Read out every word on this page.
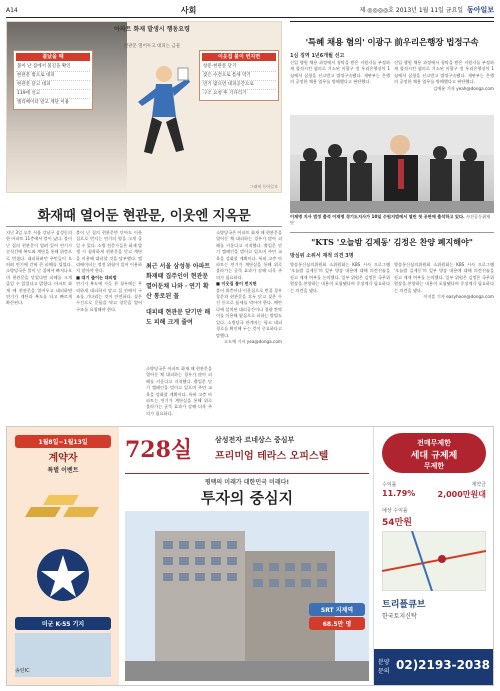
A14	사회	제 ◎◎◎◎호 2013년 1월 11일 금요일 동아일보
불났을 때
불이 난 집에서 불길을 확인
현관문 밖으로 대피
현관문 닫고 대피
119에 신고
엘리베이터 말고 계단 이용
아파트 화재 발생시 행동요령
현관문 열어두고 대피는 금물
이웃집 불이 번지면
창문·현관문 닫기
젖은 수건으로 틈새 막기
연기 많으면 대피공간으로
구조 요청 후 기다리기
그래픽 동아일보
화재때 열어둔 현관문, 이웃엔 지옥문
지난 3일 오후 서울 강남구 삼성동의 한 아파트 11층에서 불이 났다. 불이 난 집의 현관문이 열려 있어 연기가 순식간에 복도와 계단을 통해 위층으로 번졌다. 대피하려던 주민들이 오히려 연기에 갇혀 큰 피해를 입었다. 소방당국은 불이 난 집에서 빠져나오며 현관문을 닫았다면 피해를 크게 줄일 수 있었다고 밝혔다. 아파트 화재 때 현관문을 열어두고 대피하면 연기가 계단과 복도를 타고 빠르게 확산된다.
불이 난 집의 현관문만 닫아도 이웃집으로 번지는 연기의 양을 크게 줄일 수 있다. 소방 전문가들은 화재 발생 시 침착하게 현관문을 닫고 계단을 이용해 대피할 것을 당부했다. 엘리베이터는 정전 위험이 있어 이용하지 말아야 한다.
■ 대기 줄이는 대피법
연기가 복도에 가득 찬 경우에는 무리하게 대피하지 말고 집 안에서 구조를 기다리는 것이 안전하다. 젖은 수건으로 문틈을 막고 창문을 열어 구조를 요청해야 한다.
최근 서울 삼성동 아파트 화재때 집주인이 현관문 열어둔채 나와 · 연기 확산 통로된 꼴
대피때 현관문 닫기만 해도 피해 크게 줄여
소방당국은 아파트 화재 때 현관문을 열어둔 채 대피하는 경우가 많아 피해를 키운다고 지적했다. 출입문 닫기 캠페인을 벌이고 있으며 주민 교육을 강화할 계획이다. 특히 고층 아파트는 연기가 계단실을 통해 위로 올라가는 굴뚝 효과가 강해 더욱 주의가 필요하다.
소방당국은 아파트 화재 때 현관문을 열어둔 채 대피하는 경우가 많아 피해를 키운다고 지적했다. 출입문 닫기 캠페인을 벌이고 있으며 주민 교육을 강화할 계획이다. 특히 고층 아파트는 연기가 계단실을 통해 위로 올라가는 굴뚝 효과가 강해 더욱 주의가 필요하다.
■ 이웃집 불이 번지면
불이 위층이나 이웃집으로 번질 경우 창문과 현관문을 모두 닫고 젖은 수건 등으로 틈새를 막아야 한다. 베란다에 설치된 대피공간이나 경량 칸막이를 이용해 옆집으로 피하는 방법도 있다. 소방당국 관계자는 평소 대피 경로를 확인해 두는 것이 중요하다고 말했다.
고도예 기자 yea@donga.com
'특혜 채용 혐의' 이광구 前우리은행장 법정구속
1심 징역 1년6개월 선고
신입 행원 채용 과정에서 청탁을 받은 지원자를 부정하게 합격시킨 혐의로 기소된 이광구 전 우리은행장이 1심에서 실형을 선고받고 법정구속됐다. 재판부는 은행의 공정한 채용 업무를 방해했다고 판단했다.
신입 행원 채용 과정에서 청탁을 받은 지원자를 부정하게 합격시킨 혐의로 기소된 이광구 전 우리은행장이 1심에서 실형을 선고받고 법정구속됐다. 재판부는 은행의 공정한 채용 업무를 방해했다고 판단했다.
김예윤 기자 yeah@donga.com
이재명 지사 법정 출석 이재명 경기도지사가 10일 수원지법에서 열린 첫 공판에 출석하고 있다. 사진공동취재단
"KTS '오늘밤 김제동' 김정은 찬양 폐지해야"
방심위 소위서 재적 의견 3명
방송통신심의위원회 소위원회는 KBS 시사 프로그램 '오늘밤 김제동'의 일부 방송 내용에 대해 의견진술을 듣고 제재 여부를 논의했다. 일부 위원은 김정은 국무위원장을 찬양하는 내용이 포함됐다며 중징계가 필요하다는 의견을 냈다.
방송통신심의위원회 소위원회는 KBS 시사 프로그램 '오늘밤 김제동'의 일부 방송 내용에 대해 의견진술을 듣고 제재 여부를 논의했다. 일부 위원은 김정은 국무위원장을 찬양하는 내용이 포함됐다며 중징계가 필요하다는 의견을 냈다.
이지훈 기자 easyhoon@donga.com
1월8일~1월13일
계약자
특별 이벤트
미군 K-55 기지
송탄IC
728실	삼성전자 르네상스 중심부
프리미엄 테라스 오피스텔
평택의 미래가 대한민국 미래다!
투자의 중심지
SRT 지제역
68.5만 명
전매무제한
세대 규제제
무제한
수익률	계약금
11.79%	2,000만원대
예상 수익률
54만원
트리플큐브
한국토지신탁
분양 문의 02)2193-2038
